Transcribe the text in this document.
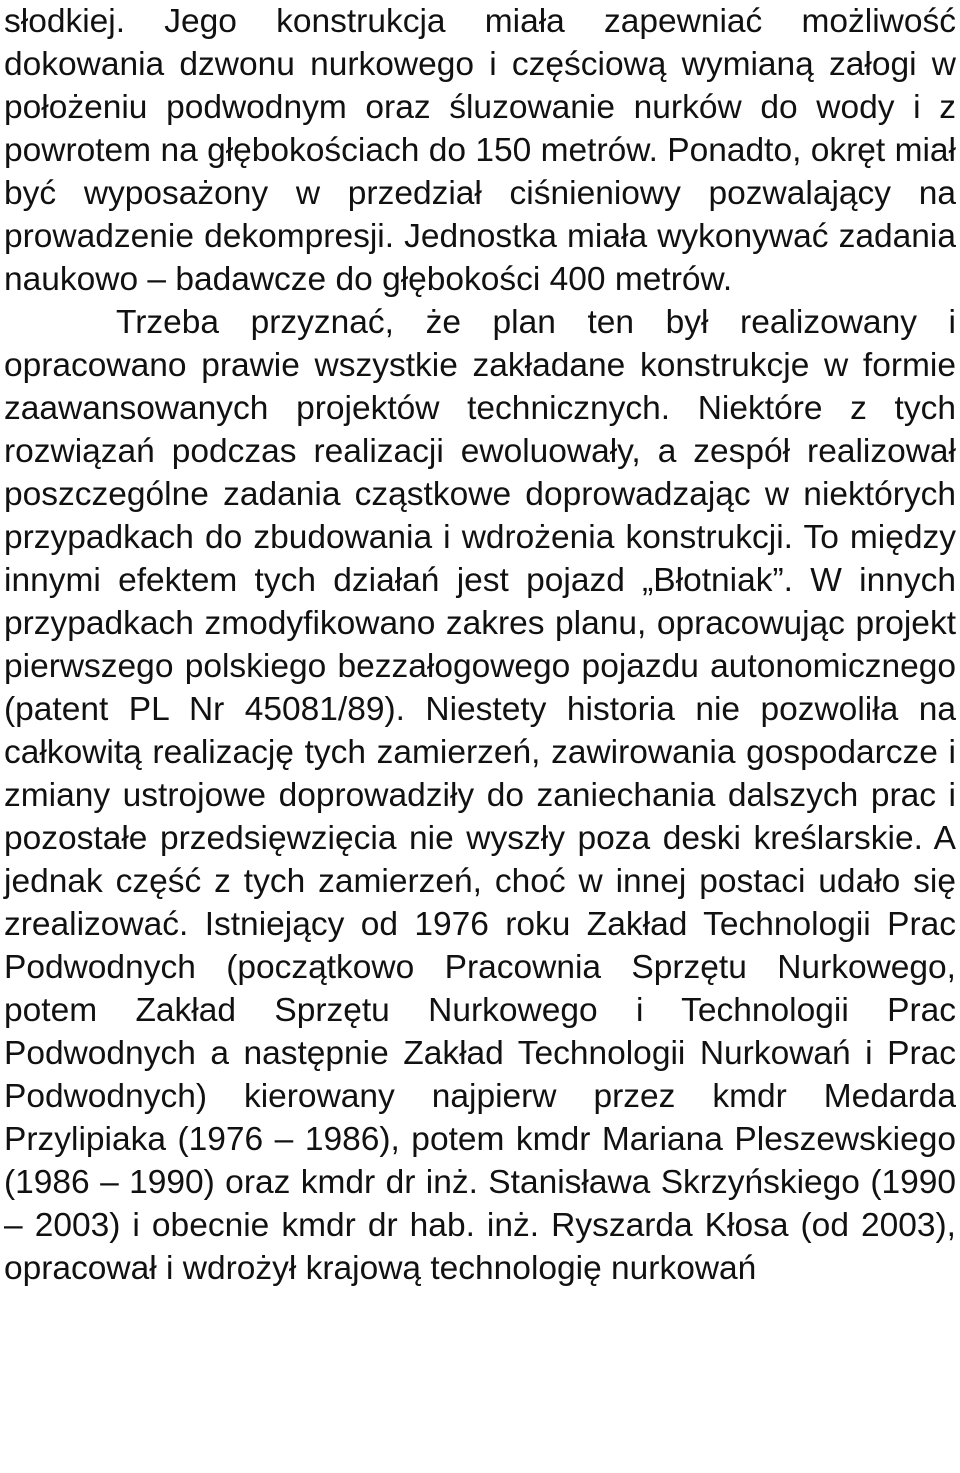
słodkiej. Jego konstrukcja miała zapewniać możliwość dokowania dzwonu nurkowego i częściową wymianą załogi w położeniu podwodnym oraz śluzowanie nurków do wody i z powrotem na głębokościach do 150 metrów. Ponadto, okręt miał być wyposażony w przedział ciśnieniowy pozwalający na prowadzenie dekompresji. Jednostka miała wykonywać zadania naukowo – badawcze do głębokości 400 metrów.

Trzeba przyznać, że plan ten był realizowany i opracowano prawie wszystkie zakładane konstrukcje w formie zaawansowanych projektów technicznych. Niektóre z tych rozwiązań podczas realizacji ewoluowały, a zespół realizował poszczególne zadania cząstkowe doprowadzając w niektórych przypadkach do zbudowania i wdrożenia konstrukcji. To między innymi efektem tych działań jest pojazd „Błotniak”. W innych przypadkach zmodyfikowano zakres planu, opracowując projekt pierwszego polskiego bezzałogowego pojazdu autonomicznego (patent PL Nr 45081/89). Niestety historia nie pozwoliła na całkowitą realizację tych zamierzeń, zawirowania gospodarcze i zmiany ustrojowe doprowadziły do zaniechania dalszych prac i pozostałe przedsięwzięcia nie wyszły poza deski kreślarskie. A jednak część z tych zamierzeń, choć w innej postaci udało się zrealizować. Istniejący od 1976 roku Zakład Technologii Prac Podwodnych (początkowo Pracownia Sprzętu Nurkowego, potem Zakład Sprzętu Nurkowego i Technologii Prac Podwodnych a następnie Zakład Technologii Nurkowań i Prac Podwodnych) kierowany najpierw przez kmdr Medarda Przylipiaka (1976 – 1986), potem kmdr Mariana Pleszewskiego (1986 – 1990) oraz kmdr dr inż. Stanisława Skrzyńskiego (1990 – 2003) i obecnie kmdr dr hab. inż. Ryszarda Kłosa (od 2003), opracował i wdrożył krajową technologię nurkowań
